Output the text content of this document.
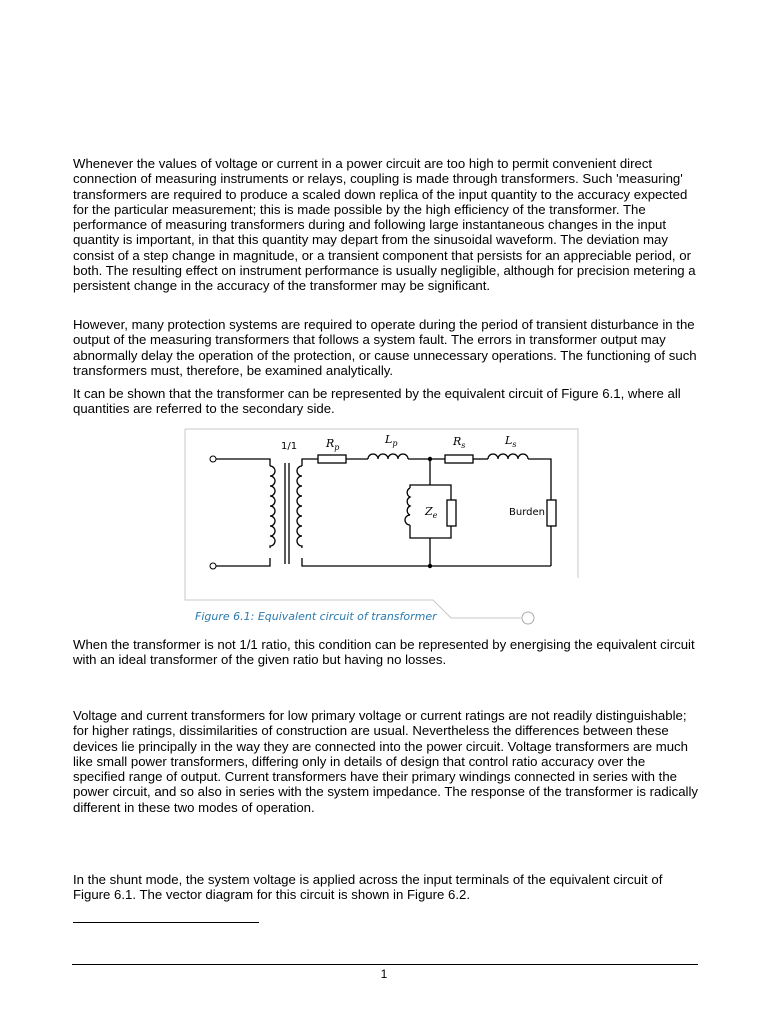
Whenever the values of voltage or current in a power circuit are too high to permit convenient direct connection of measuring instruments or relays, coupling is made through transformers. Such 'measuring' transformers are required to produce a scaled down replica of the input quantity to the accuracy expected for the particular measurement; this is made possible by the high efficiency of the transformer. The performance of measuring transformers during and following large instantaneous changes in the input quantity is important, in that this quantity may depart from the sinusoidal waveform. The deviation may consist of a step change in magnitude, or a transient component that persists for an appreciable period, or both. The resulting effect on instrument performance is usually negligible, although for precision metering a persistent change in the accuracy of the transformer may be significant.

However, many protection systems are required to operate during the period of transient disturbance in the output of the measuring transformers that follows a system fault. The errors in transformer output may abnormally delay the operation of the protection, or cause unnecessary operations. The functioning of such transformers must, therefore, be examined analytically.

It can be shown that the transformer can be represented by the equivalent circuit of Figure 6.1, where all quantities are referred to the secondary side.

1/1	$R_p$
$L_p$	$R_s$	$L_s$
$Z_e$	Burden
Figure 6.1: Equivalent circuit of transformer

When the transformer is not 1/1 ratio, this condition can be represented by energising the equivalent circuit with an ideal transformer of the given ratio but having no losses.

Voltage and current transformers for low primary voltage or current ratings are not readily distinguishable; for higher ratings, dissimilarities of construction are usual. Nevertheless the differences between these devices lie principally in the way they are connected into the power circuit. Voltage transformers are much like small power transformers, differing only in details of design that control ratio accuracy over the specified range of output. Current transformers have their primary windings connected in series with the power circuit, and so also in series with the system impedance. The response of the transformer is radically different in these two modes of operation.

In the shunt mode, the system voltage is applied across the input terminals of the equivalent circuit of Figure 6.1. The vector diagram for this circuit is shown in Figure 6.2.

1
